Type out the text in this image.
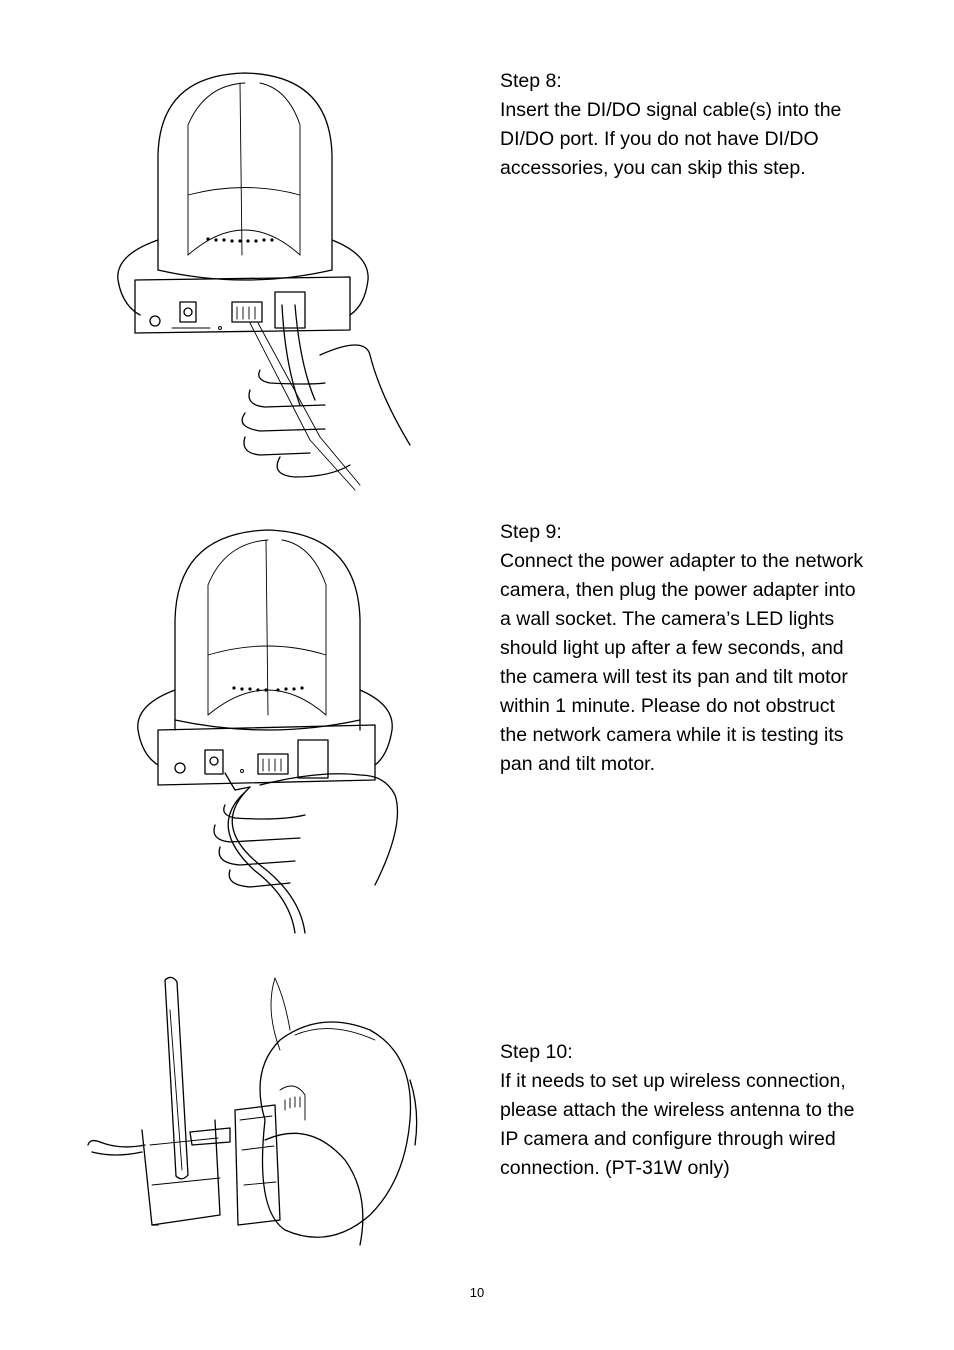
Step 8:
Insert the DI/DO signal cable(s) into the
DI/DO port. If you do not have DI/DO
accessories, you can skip this step.
Step 9:
Connect the power adapter to the network
camera, then plug the power adapter into
a wall socket. The camera’s LED lights
should light up after a few seconds, and
the camera will test its pan and tilt motor
within 1 minute. Please do not obstruct
the network camera while it is testing its
pan and tilt motor.
Step 10:
If it needs to set up wireless connection,
please attach the wireless antenna to the
IP camera and configure through wired
connection. (PT-31W only)
10
